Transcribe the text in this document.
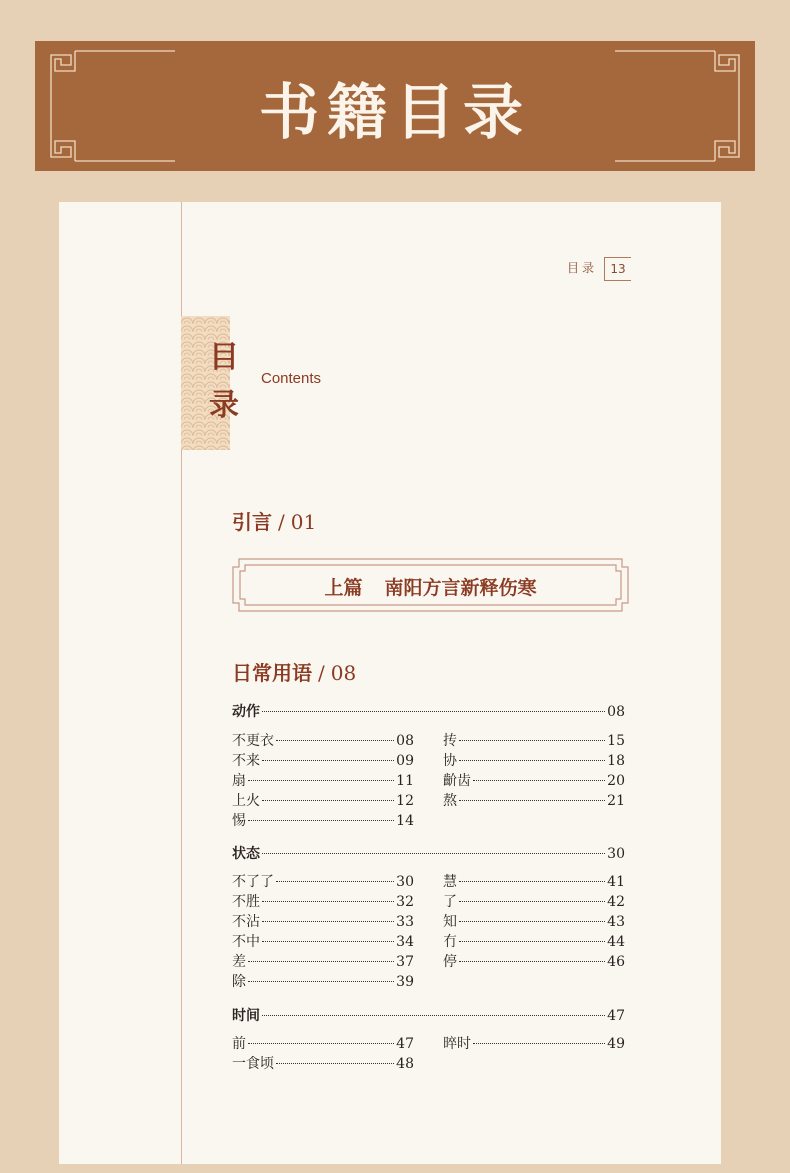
书籍目录
目录	13
目
录
Contents
引言 / 01
上篇 南阳方言新释伤寒
日常用语 / 08
动作	08
不更衣	08
不来	09
扇	11
上火	12
惕	14
抟	15
协	18
齘齿	20
熬	21
状态	30
不了了	30
不胜	32
不沾	33
不中	34
差	37
除	39
慧	41
了	42
知	43
冇	44
停	46
时间	47
前	47
一食顷	48
晬时	49
